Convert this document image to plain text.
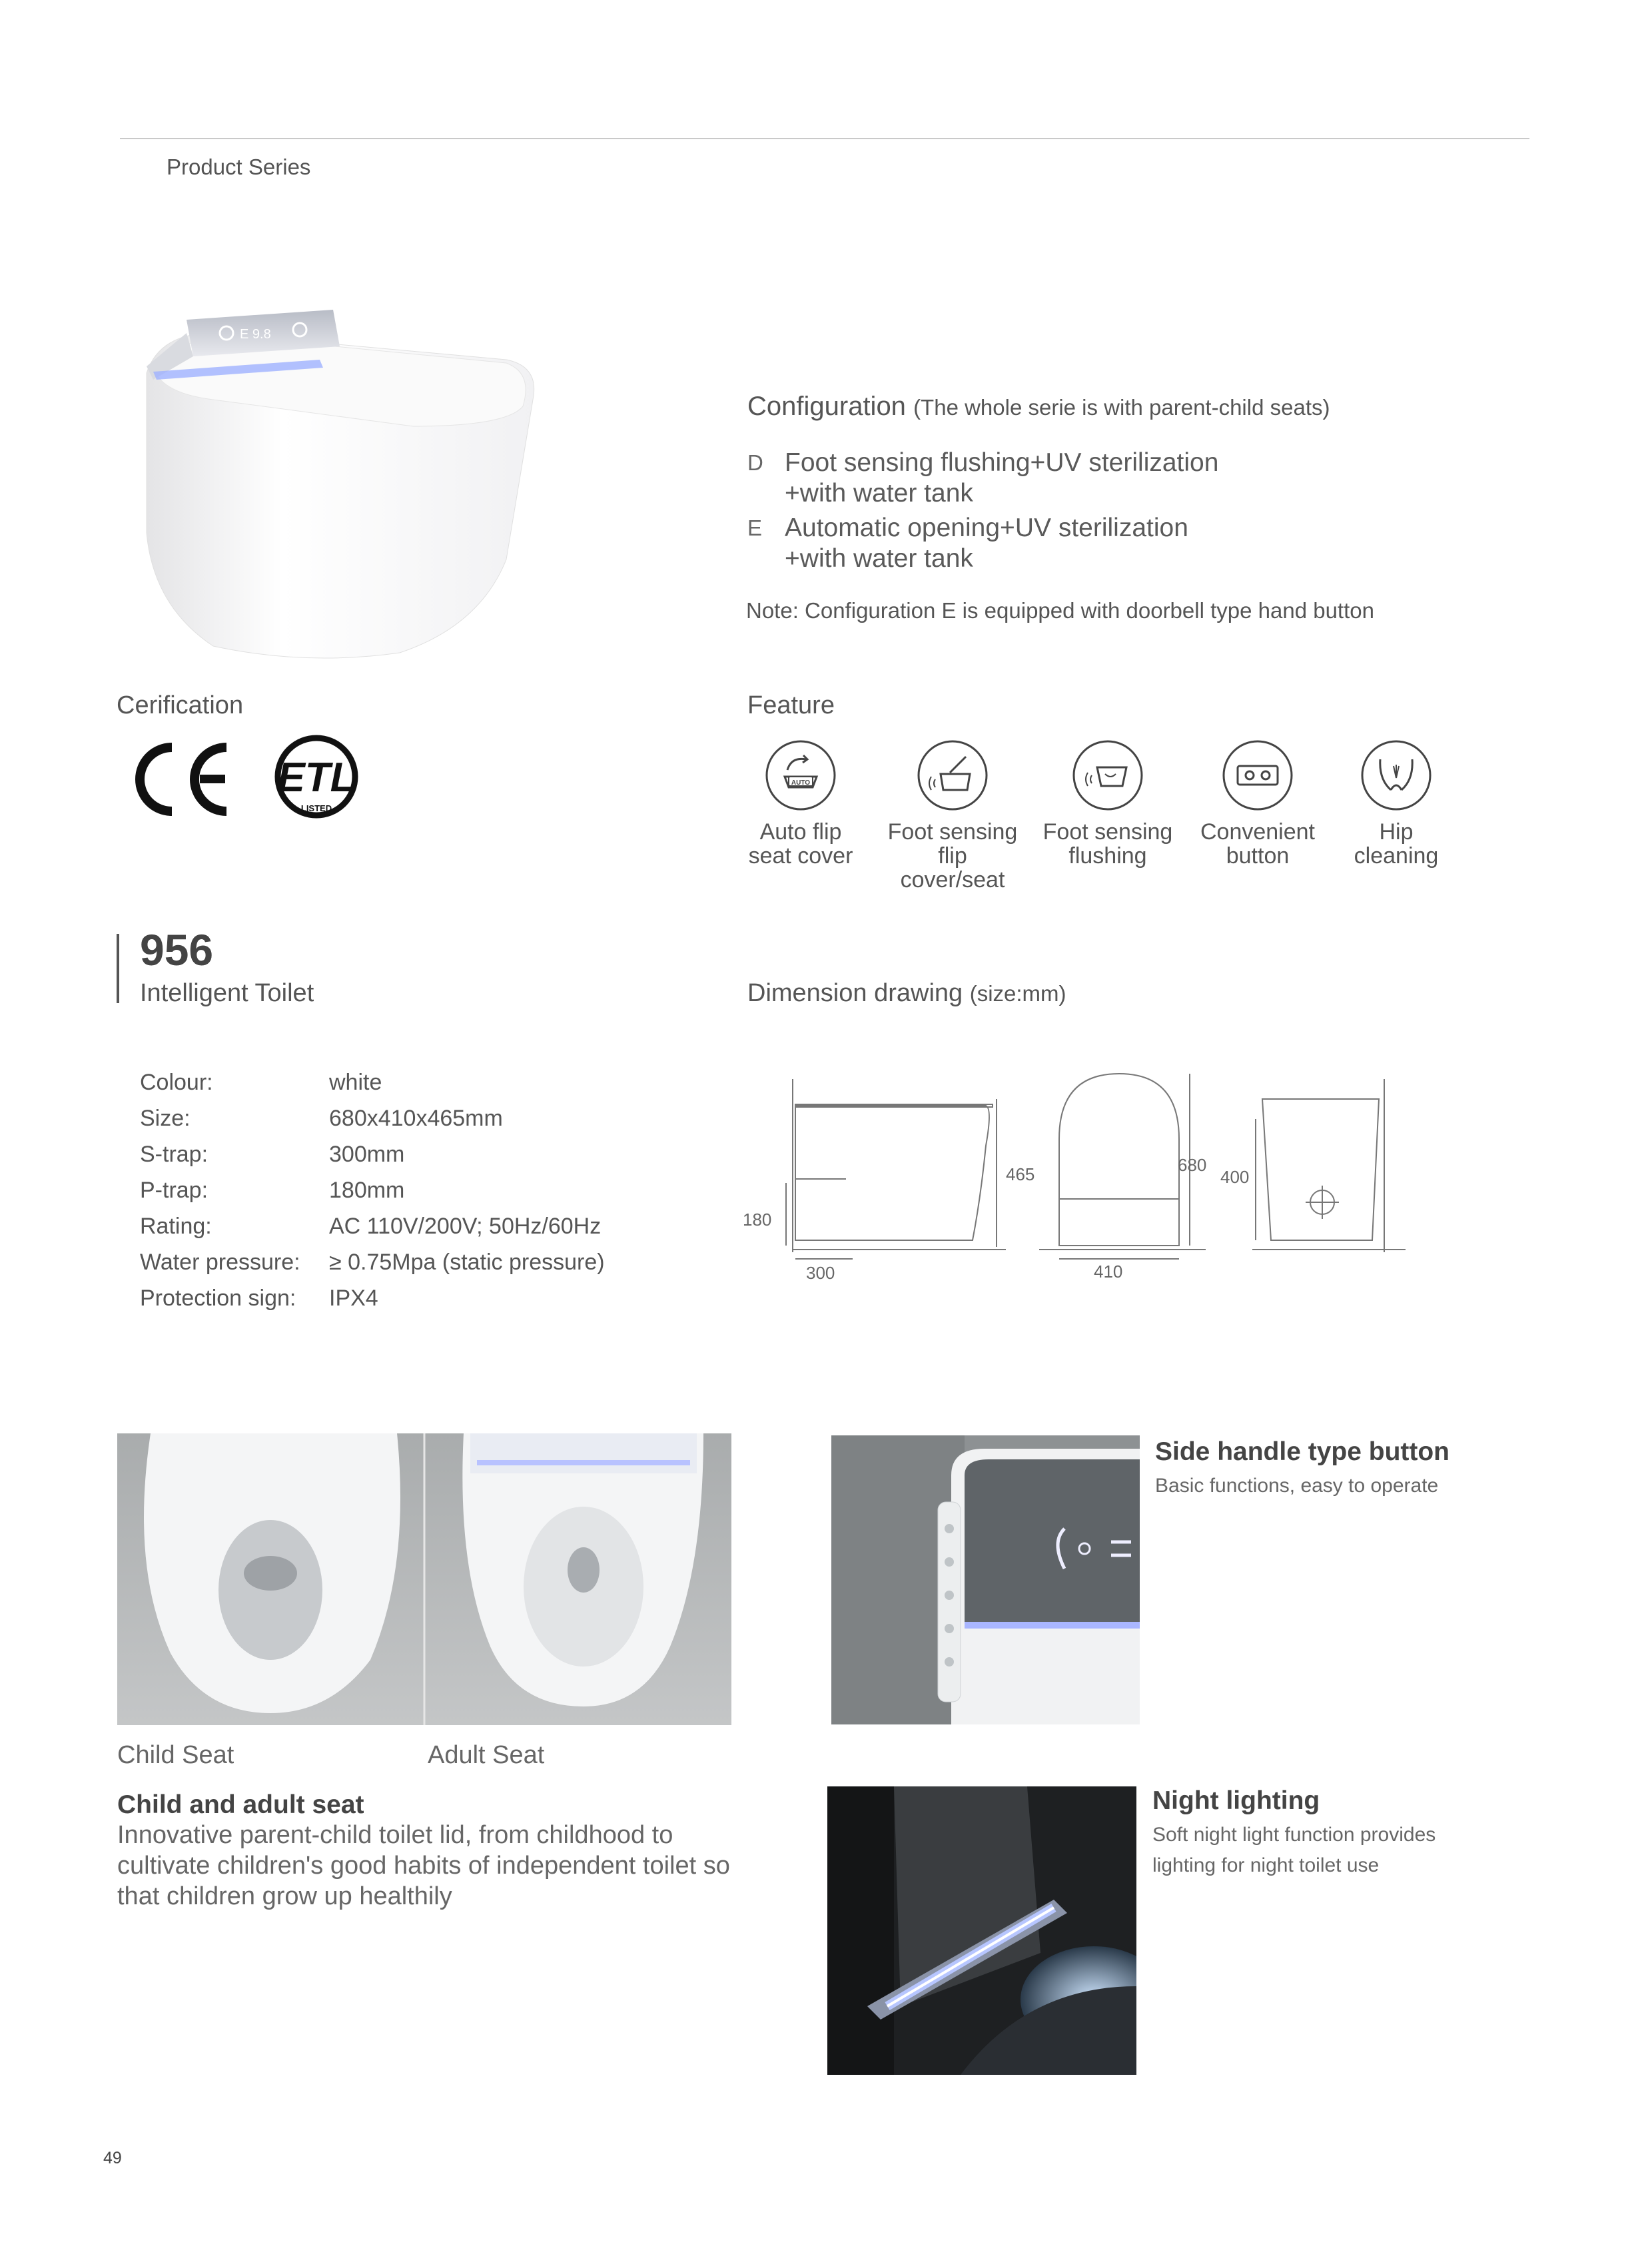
Product Series
E 9.8
Configuration (The whole serie is with parent-child seats)
D Foot sensing flushing+UV sterilization
+with water tank
E Automatic opening+UV sterilization
+with water tank
Note: Configuration E is equipped with doorbell type hand button
Cerification
ETL
LISTED
Feature
AUTO
Auto flip
seat cover
Foot sensing
flip cover/seat
Foot sensing
flushing
Convenient
button
Hip
cleaning
956
Intelligent Toilet	Dimension drawing (size:mm)
Colour:	white
Size:	680x410x465mm
S-trap:	300mm
P-trap:	180mm
Rating:	AC 110V/200V; 50Hz/60Hz
Water pressure: ≥ 0.75Mpa (static pressure)
Protection sign: IPX4
465
180
300
680
410
400
Child Seat	Adult Seat
Child and adult seat
Innovative parent-child toilet lid, from childhood to
cultivate children's good habits of independent toilet so
that children grow up healthily
Side handle type button
Basic functions, easy to operate
Night lighting
Soft night light function provides
lighting for night toilet use
49
